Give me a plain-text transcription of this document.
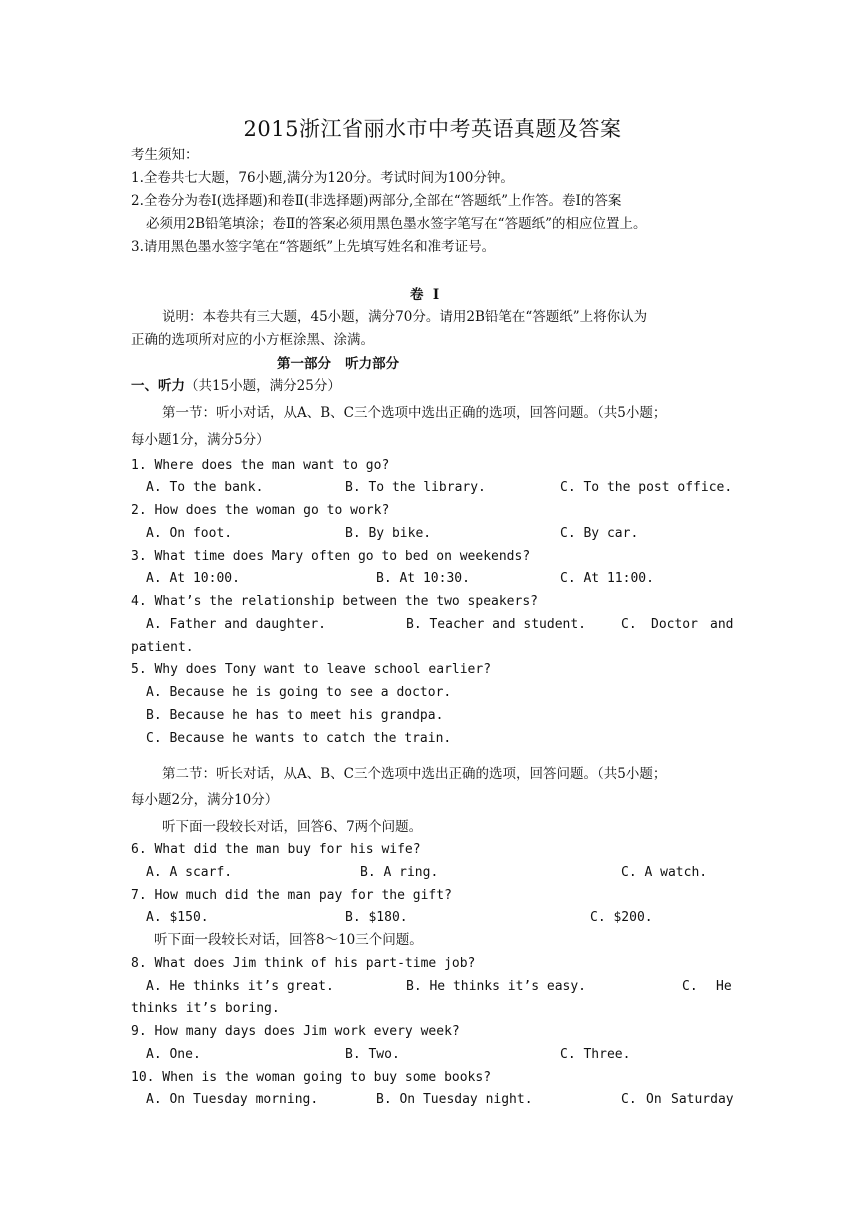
2015浙江省丽水市中考英语真题及答案
考生须知：
1.全卷共七大题，76小题,满分为120分。考试时间为100分钟。
2.全卷分为卷Ⅰ(选择题)和卷Ⅱ(非选择题)两部分,全部在“答题纸”上作答。卷Ⅰ的答案
必须用2B铅笔填涂；卷Ⅱ的答案必须用黑色墨水签字笔写在“答题纸”的相应位置上。
3.请用黑色墨水签字笔在“答题纸”上先填写姓名和准考证号。
卷  Ⅰ
说明：本卷共有三大题，45小题，满分70分。请用2B铅笔在“答题纸”上将你认为
正确的选项所对应的小方框涂黑、涂满。
第一部分   听力部分
一、听力（共15小题，满分25分）
第一节：听小对话，从A、B、C三个选项中选出正确的选项，回答问题。（共5小题；
每小题1分，满分5分）
1. Where does the man want to go?
A. To the bank.	B. To the library.	C. To the post office.
2. How does the woman go to work?
A. On foot.	B. By bike.	C. By car.
3. What time does Mary often go to bed on weekends?
A. At 10:00.	B. At 10:30.	C. At 11:00.
4. What’s the relationship between the two speakers?
A. Father and daughter.	B. Teacher and student.	C. Doctor and
patient.
5. Why does Tony want to leave school earlier?
A. Because he is going to see a doctor.
B. Because he has to meet his grandpa.
C. Because he wants to catch the train.
第二节：听长对话，从A、B、C三个选项中选出正确的选项，回答问题。（共5小题；
每小题2分，满分10分）
听下面一段较长对话，回答6、7两个问题。
6. What did the man buy for his wife?
A. A scarf.	B. A ring.	C. A watch.
7. How much did the man pay for the gift?
A. $150.	B. $180.	C. $200.
听下面一段较长对话，回答8～10三个问题。
8. What does Jim think of his part-time job?
A. He thinks it’s great.	B. He thinks it’s easy.	C. He
thinks it’s boring.
9. How many days does Jim work every week?
A. One.	B. Two.	C. Three.
10. When is the woman going to buy some books?
A. On Tuesday morning.	B. On Tuesday night.	C. On Saturday
